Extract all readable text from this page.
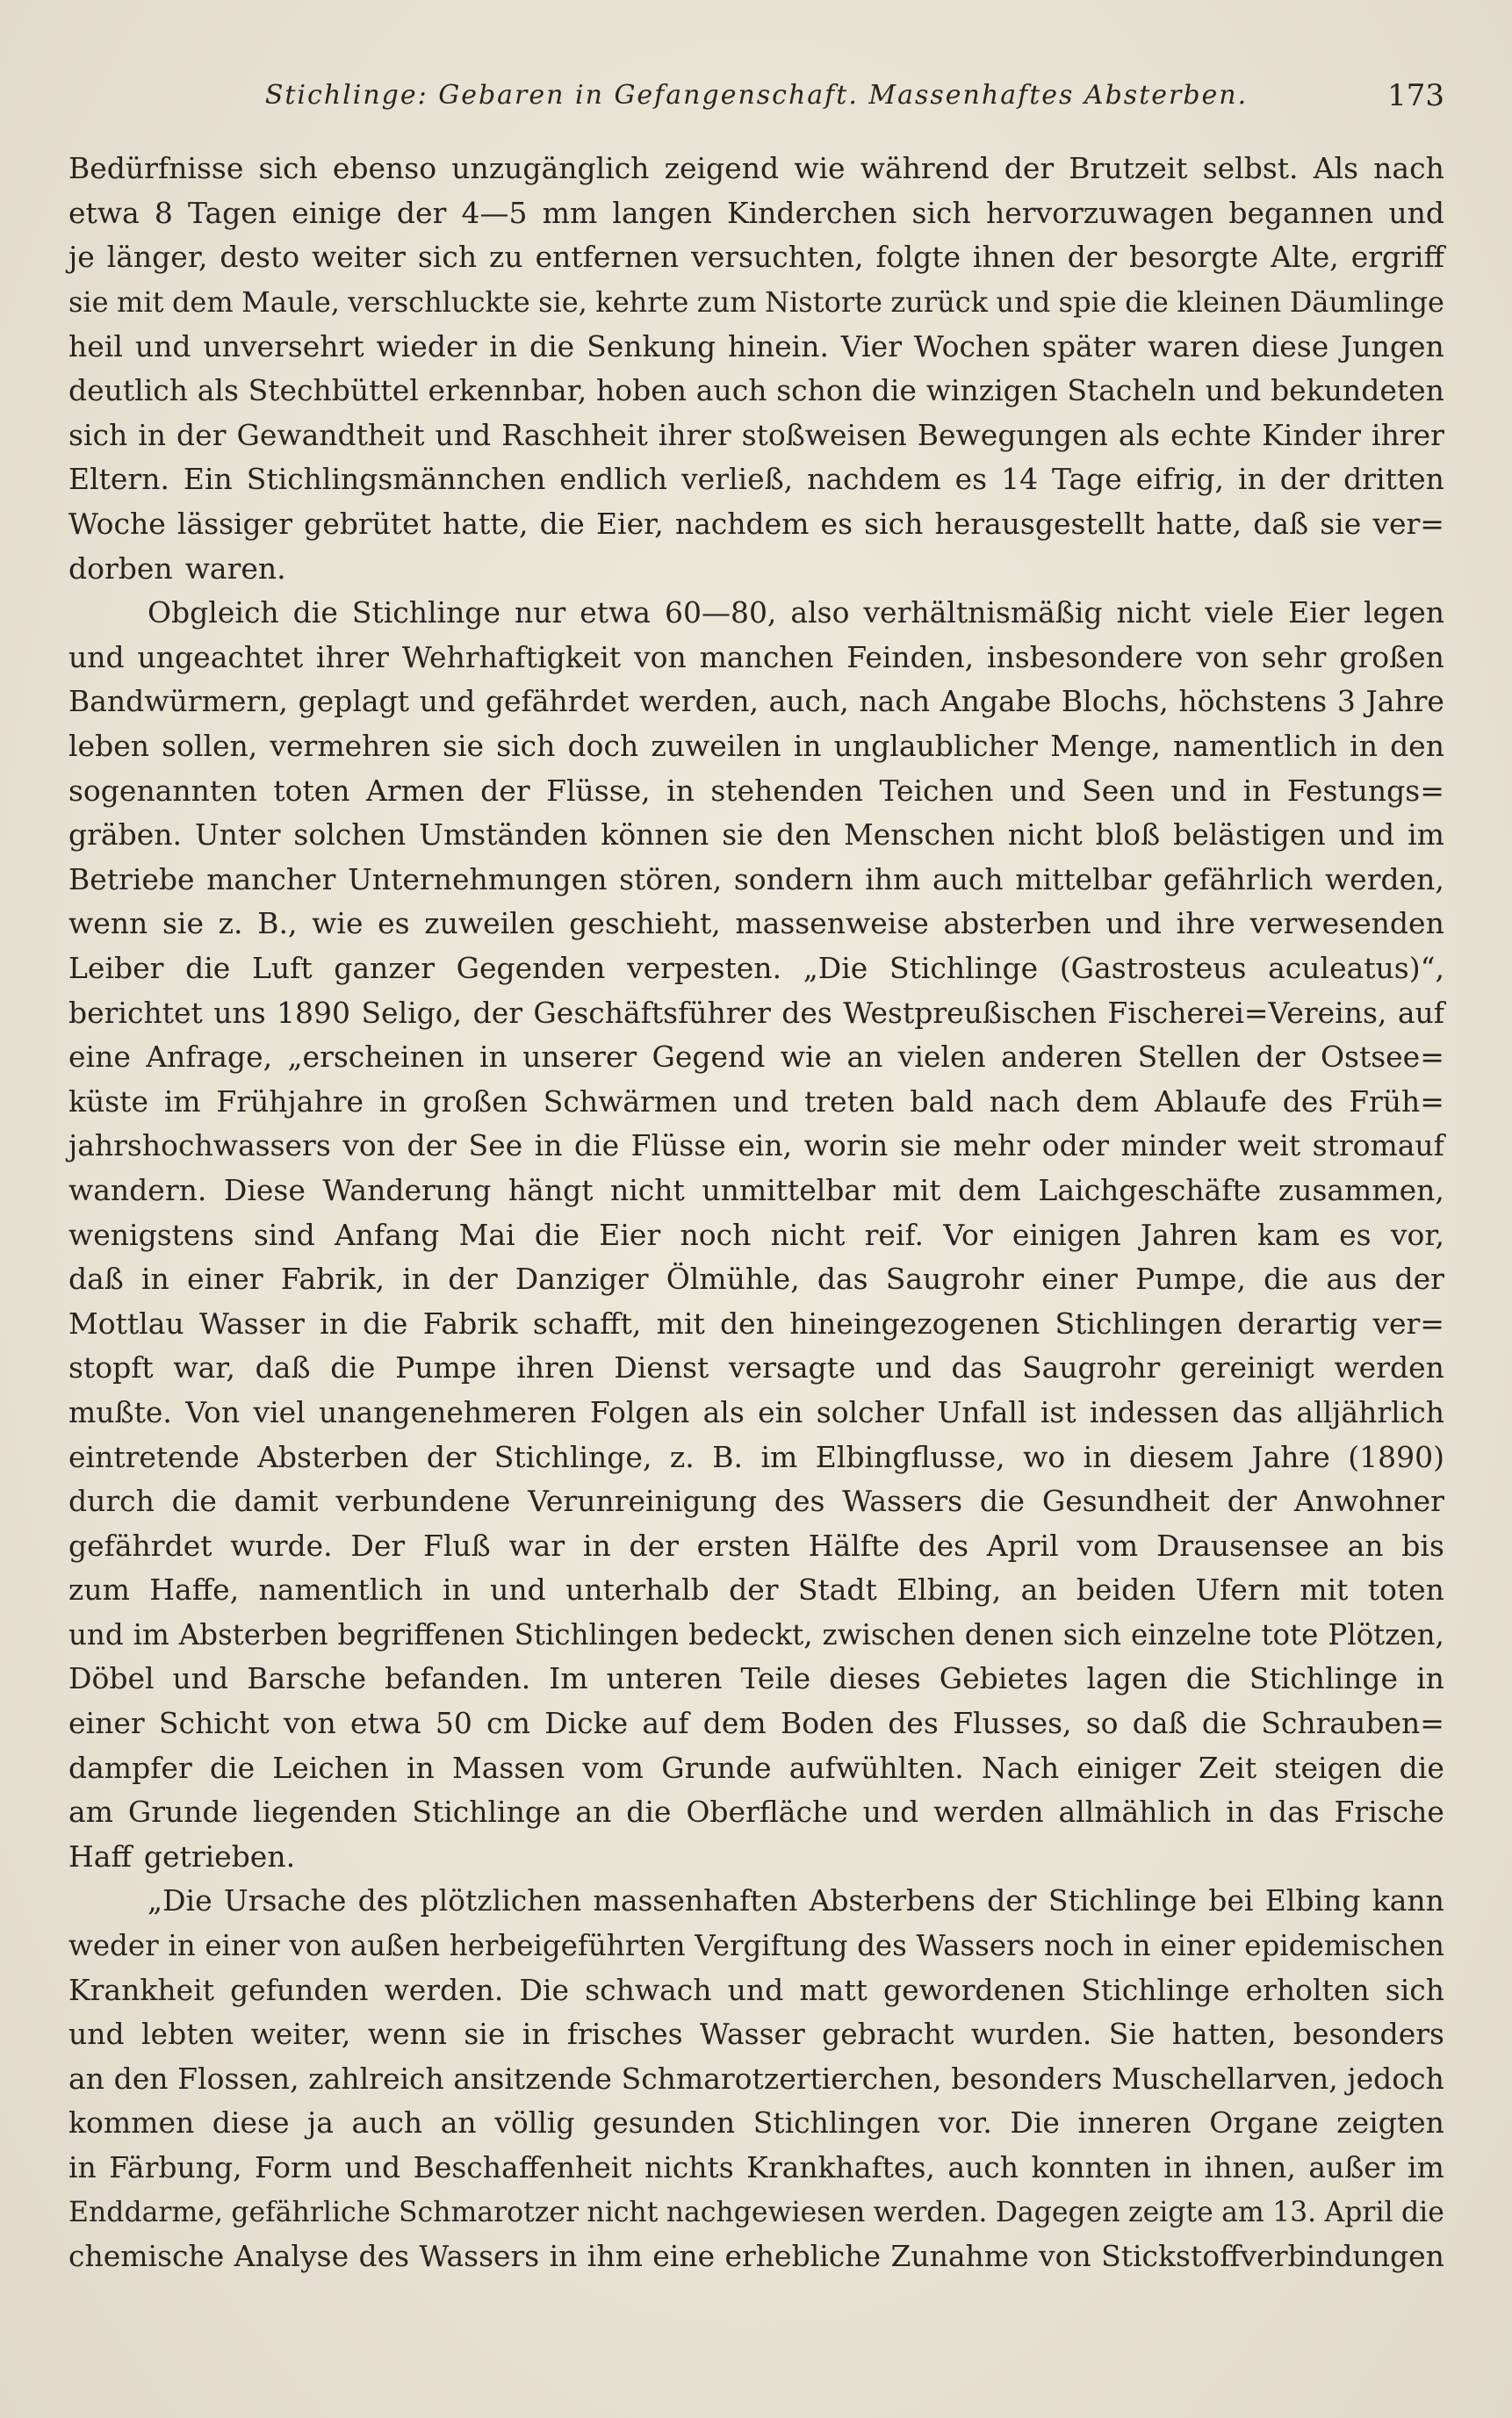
Stichlinge: Gebaren in Gefangenschaft. Massenhaftes Absterben.	173
Bedürfnisse sich ebenso unzugänglich zeigend wie während der Brutzeit selbst. Als nach
etwa 8 Tagen einige der 4—5 mm langen Kinderchen sich hervorzuwagen begannen und
je länger, desto weiter sich zu entfernen versuchten, folgte ihnen der besorgte Alte, ergriff
sie mit dem Maule, verschluckte sie, kehrte zum Nistorte zurück und spie die kleinen Däumlinge
heil und unversehrt wieder in die Senkung hinein. Vier Wochen später waren diese Jungen
deutlich als Stechbüttel erkennbar, hoben auch schon die winzigen Stacheln und bekundeten
sich in der Gewandtheit und Raschheit ihrer stoßweisen Bewegungen als echte Kinder ihrer
Eltern. Ein Stichlingsmännchen endlich verließ, nachdem es 14 Tage eifrig, in der dritten
Woche lässiger gebrütet hatte, die Eier, nachdem es sich herausgestellt hatte, daß sie ver=
dorben waren.
Obgleich die Stichlinge nur etwa 60—80, also verhältnismäßig nicht viele Eier legen
und ungeachtet ihrer Wehrhaftigkeit von manchen Feinden, insbesondere von sehr großen
Bandwürmern, geplagt und gefährdet werden, auch, nach Angabe Blochs, höchstens 3 Jahre
leben sollen, vermehren sie sich doch zuweilen in unglaublicher Menge, namentlich in den
sogenannten toten Armen der Flüsse, in stehenden Teichen und Seen und in Festungs=
gräben. Unter solchen Umständen können sie den Menschen nicht bloß belästigen und im
Betriebe mancher Unternehmungen stören, sondern ihm auch mittelbar gefährlich werden,
wenn sie z. B., wie es zuweilen geschieht, massenweise absterben und ihre verwesenden
Leiber die Luft ganzer Gegenden verpesten. „Die Stichlinge (Gastrosteus aculeatus)“,
berichtet uns 1890 Seligo, der Geschäftsführer des Westpreußischen Fischerei=Vereins, auf
eine Anfrage, „erscheinen in unserer Gegend wie an vielen anderen Stellen der Ostsee=
küste im Frühjahre in großen Schwärmen und treten bald nach dem Ablaufe des Früh=
jahrshochwassers von der See in die Flüsse ein, worin sie mehr oder minder weit stromauf
wandern. Diese Wanderung hängt nicht unmittelbar mit dem Laichgeschäfte zusammen,
wenigstens sind Anfang Mai die Eier noch nicht reif. Vor einigen Jahren kam es vor,
daß in einer Fabrik, in der Danziger Ölmühle, das Saugrohr einer Pumpe, die aus der
Mottlau Wasser in die Fabrik schafft, mit den hineingezogenen Stichlingen derartig ver=
stopft war, daß die Pumpe ihren Dienst versagte und das Saugrohr gereinigt werden
mußte. Von viel unangenehmeren Folgen als ein solcher Unfall ist indessen das alljährlich
eintretende Absterben der Stichlinge, z. B. im Elbingflusse, wo in diesem Jahre (1890)
durch die damit verbundene Verunreinigung des Wassers die Gesundheit der Anwohner
gefährdet wurde. Der Fluß war in der ersten Hälfte des April vom Drausensee an bis
zum Haffe, namentlich in und unterhalb der Stadt Elbing, an beiden Ufern mit toten
und im Absterben begriffenen Stichlingen bedeckt, zwischen denen sich einzelne tote Plötzen,
Döbel und Barsche befanden. Im unteren Teile dieses Gebietes lagen die Stichlinge in
einer Schicht von etwa 50 cm Dicke auf dem Boden des Flusses, so daß die Schrauben=
dampfer die Leichen in Massen vom Grunde aufwühlten. Nach einiger Zeit steigen die
am Grunde liegenden Stichlinge an die Oberfläche und werden allmählich in das Frische
Haff getrieben.
„Die Ursache des plötzlichen massenhaften Absterbens der Stichlinge bei Elbing kann
weder in einer von außen herbeigeführten Vergiftung des Wassers noch in einer epidemischen
Krankheit gefunden werden. Die schwach und matt gewordenen Stichlinge erholten sich
und lebten weiter, wenn sie in frisches Wasser gebracht wurden. Sie hatten, besonders
an den Flossen, zahlreich ansitzende Schmarotzertierchen, besonders Muschellarven, jedoch
kommen diese ja auch an völlig gesunden Stichlingen vor. Die inneren Organe zeigten
in Färbung, Form und Beschaffenheit nichts Krankhaftes, auch konnten in ihnen, außer im
Enddarme, gefährliche Schmarotzer nicht nachgewiesen werden. Dagegen zeigte am 13. April die
chemische Analyse des Wassers in ihm eine erhebliche Zunahme von Stickstoffverbindungen
